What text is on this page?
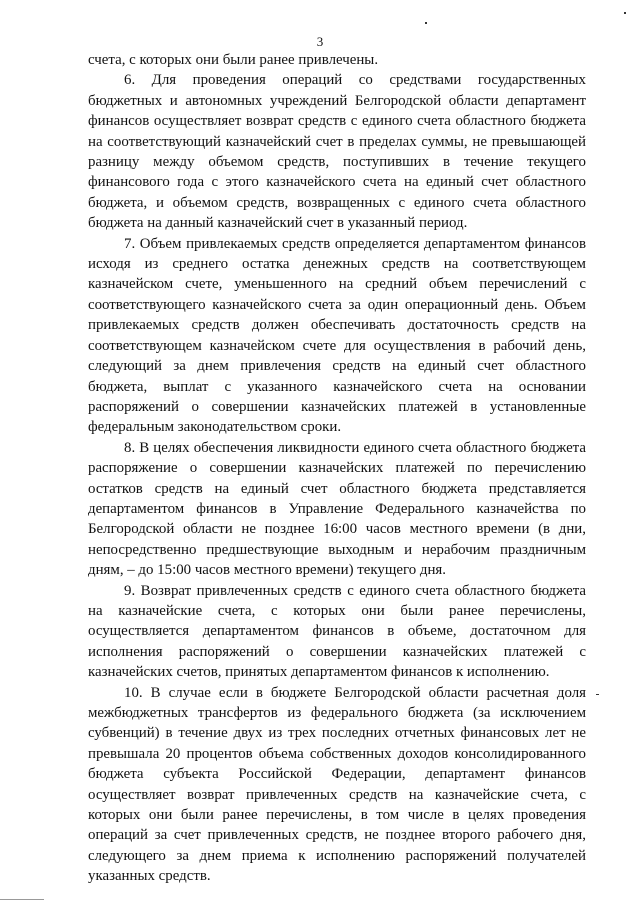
3

счета, с которых они были ранее привлечены.

6. Для проведения операций со средствами государственных бюджетных и автономных учреждений Белгородской области департамент финансов осуществляет возврат средств с единого счета областного бюджета на соответствующий казначейский счет в пределах суммы, не превышающей разницу между объемом средств, поступивших в течение текущего финансового года с этого казначейского счета на единый счет областного бюджета, и объемом средств, возвращенных с единого счета областного бюджета на данный казначейский счет в указанный период.

7. Объем привлекаемых средств определяется департаментом финансов исходя из среднего остатка денежных средств на соответствующем казначейском счете, уменьшенного на средний объем перечислений с соответствующего казначейского счета за один операционный день. Объем привлекаемых средств должен обеспечивать достаточность средств на соответствующем казначейском счете для осуществления в рабочий день, следующий за днем привлечения средств на единый счет областного бюджета, выплат с указанного казначейского счета на основании распоряжений о совершении казначейских платежей в установленные федеральным законодательством сроки.

8. В целях обеспечения ликвидности единого счета областного бюджета распоряжение о совершении казначейских платежей по перечислению остатков средств на единый счет областного бюджета представляется департаментом финансов в Управление Федерального казначейства по Белгородской области не позднее 16:00 часов местного времени (в дни, непосредственно предшествующие выходным и нерабочим праздничным дням, – до 15:00 часов местного времени) текущего дня.

9. Возврат привлеченных средств с единого счета областного бюджета на казначейские счета, с которых они были ранее перечислены, осуществляется департаментом финансов в объеме, достаточном для исполнения распоряжений о совершении казначейских платежей с казначейских счетов, принятых департаментом финансов к исполнению.

10. В случае если в бюджете Белгородской области расчетная доля межбюджетных трансфертов из федерального бюджета (за исключением субвенций) в течение двух из трех последних отчетных финансовых лет не превышала 20 процентов объема собственных доходов консолидированного бюджета субъекта Российской Федерации, департамент финансов осуществляет возврат привлеченных средств на казначейские счета, с которых они были ранее перечислены, в том числе в целях проведения операций за счет привлеченных средств, не позднее второго рабочего дня, следующего за днем приема к исполнению распоряжений получателей указанных средств.
